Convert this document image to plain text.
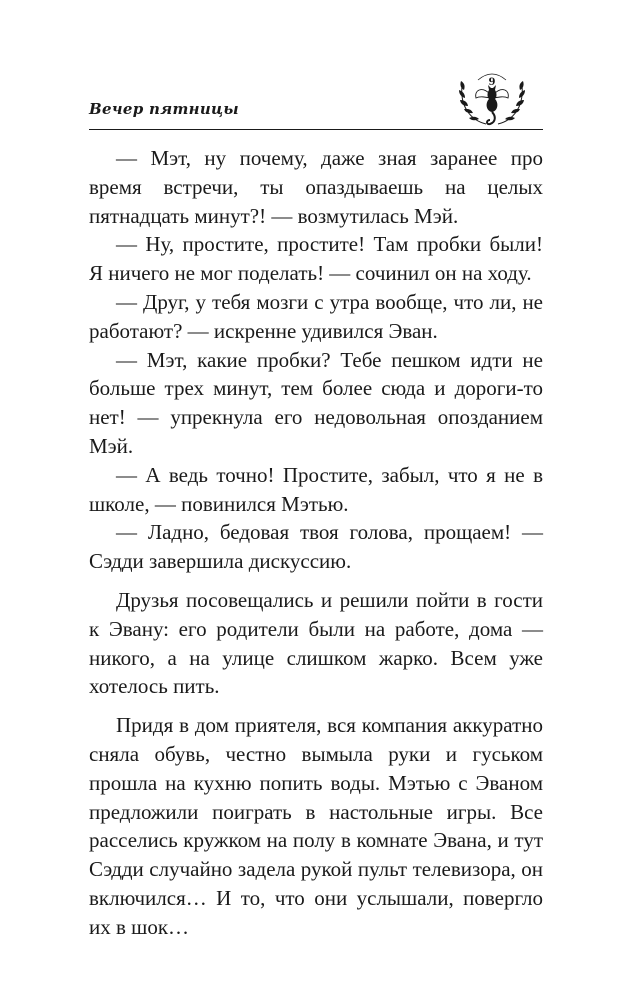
Вечер пятницы
9

— Мэт, ну почему, даже зная заранее про время встречи, ты опаздываешь на целых пятнадцать минут?! — возмутилась Мэй.

— Ну, простите, простите! Там пробки были! Я ничего не мог поделать! — сочинил он на ходу.

— Друг, у тебя мозги с утра вообще, что ли, не работают? — искренне удивился Эван.

— Мэт, какие пробки? Тебе пешком идти не больше трех минут, тем более сюда и дороги-то нет! — упрекнула его недовольная опозданием Мэй.

— А ведь точно! Простите, забыл, что я не в школе, — повинился Мэтью.

— Ладно, бедовая твоя голова, прощаем! — Сэдди завершила дискуссию.

Друзья посовещались и решили пойти в гости к Эвану: его родители были на работе, дома — никого, а на улице слишком жарко. Всем уже хотелось пить.

Придя в дом приятеля, вся компания аккуратно сняла обувь, честно вымыла руки и гуськом прошла на кухню попить воды. Мэтью с Эваном предложили поиграть в настольные игры. Все расселись кружком на полу в комнате Эвана, и тут Сэдди случайно задела рукой пульт телевизора, он включился… И то, что они услышали, повергло их в шок…
